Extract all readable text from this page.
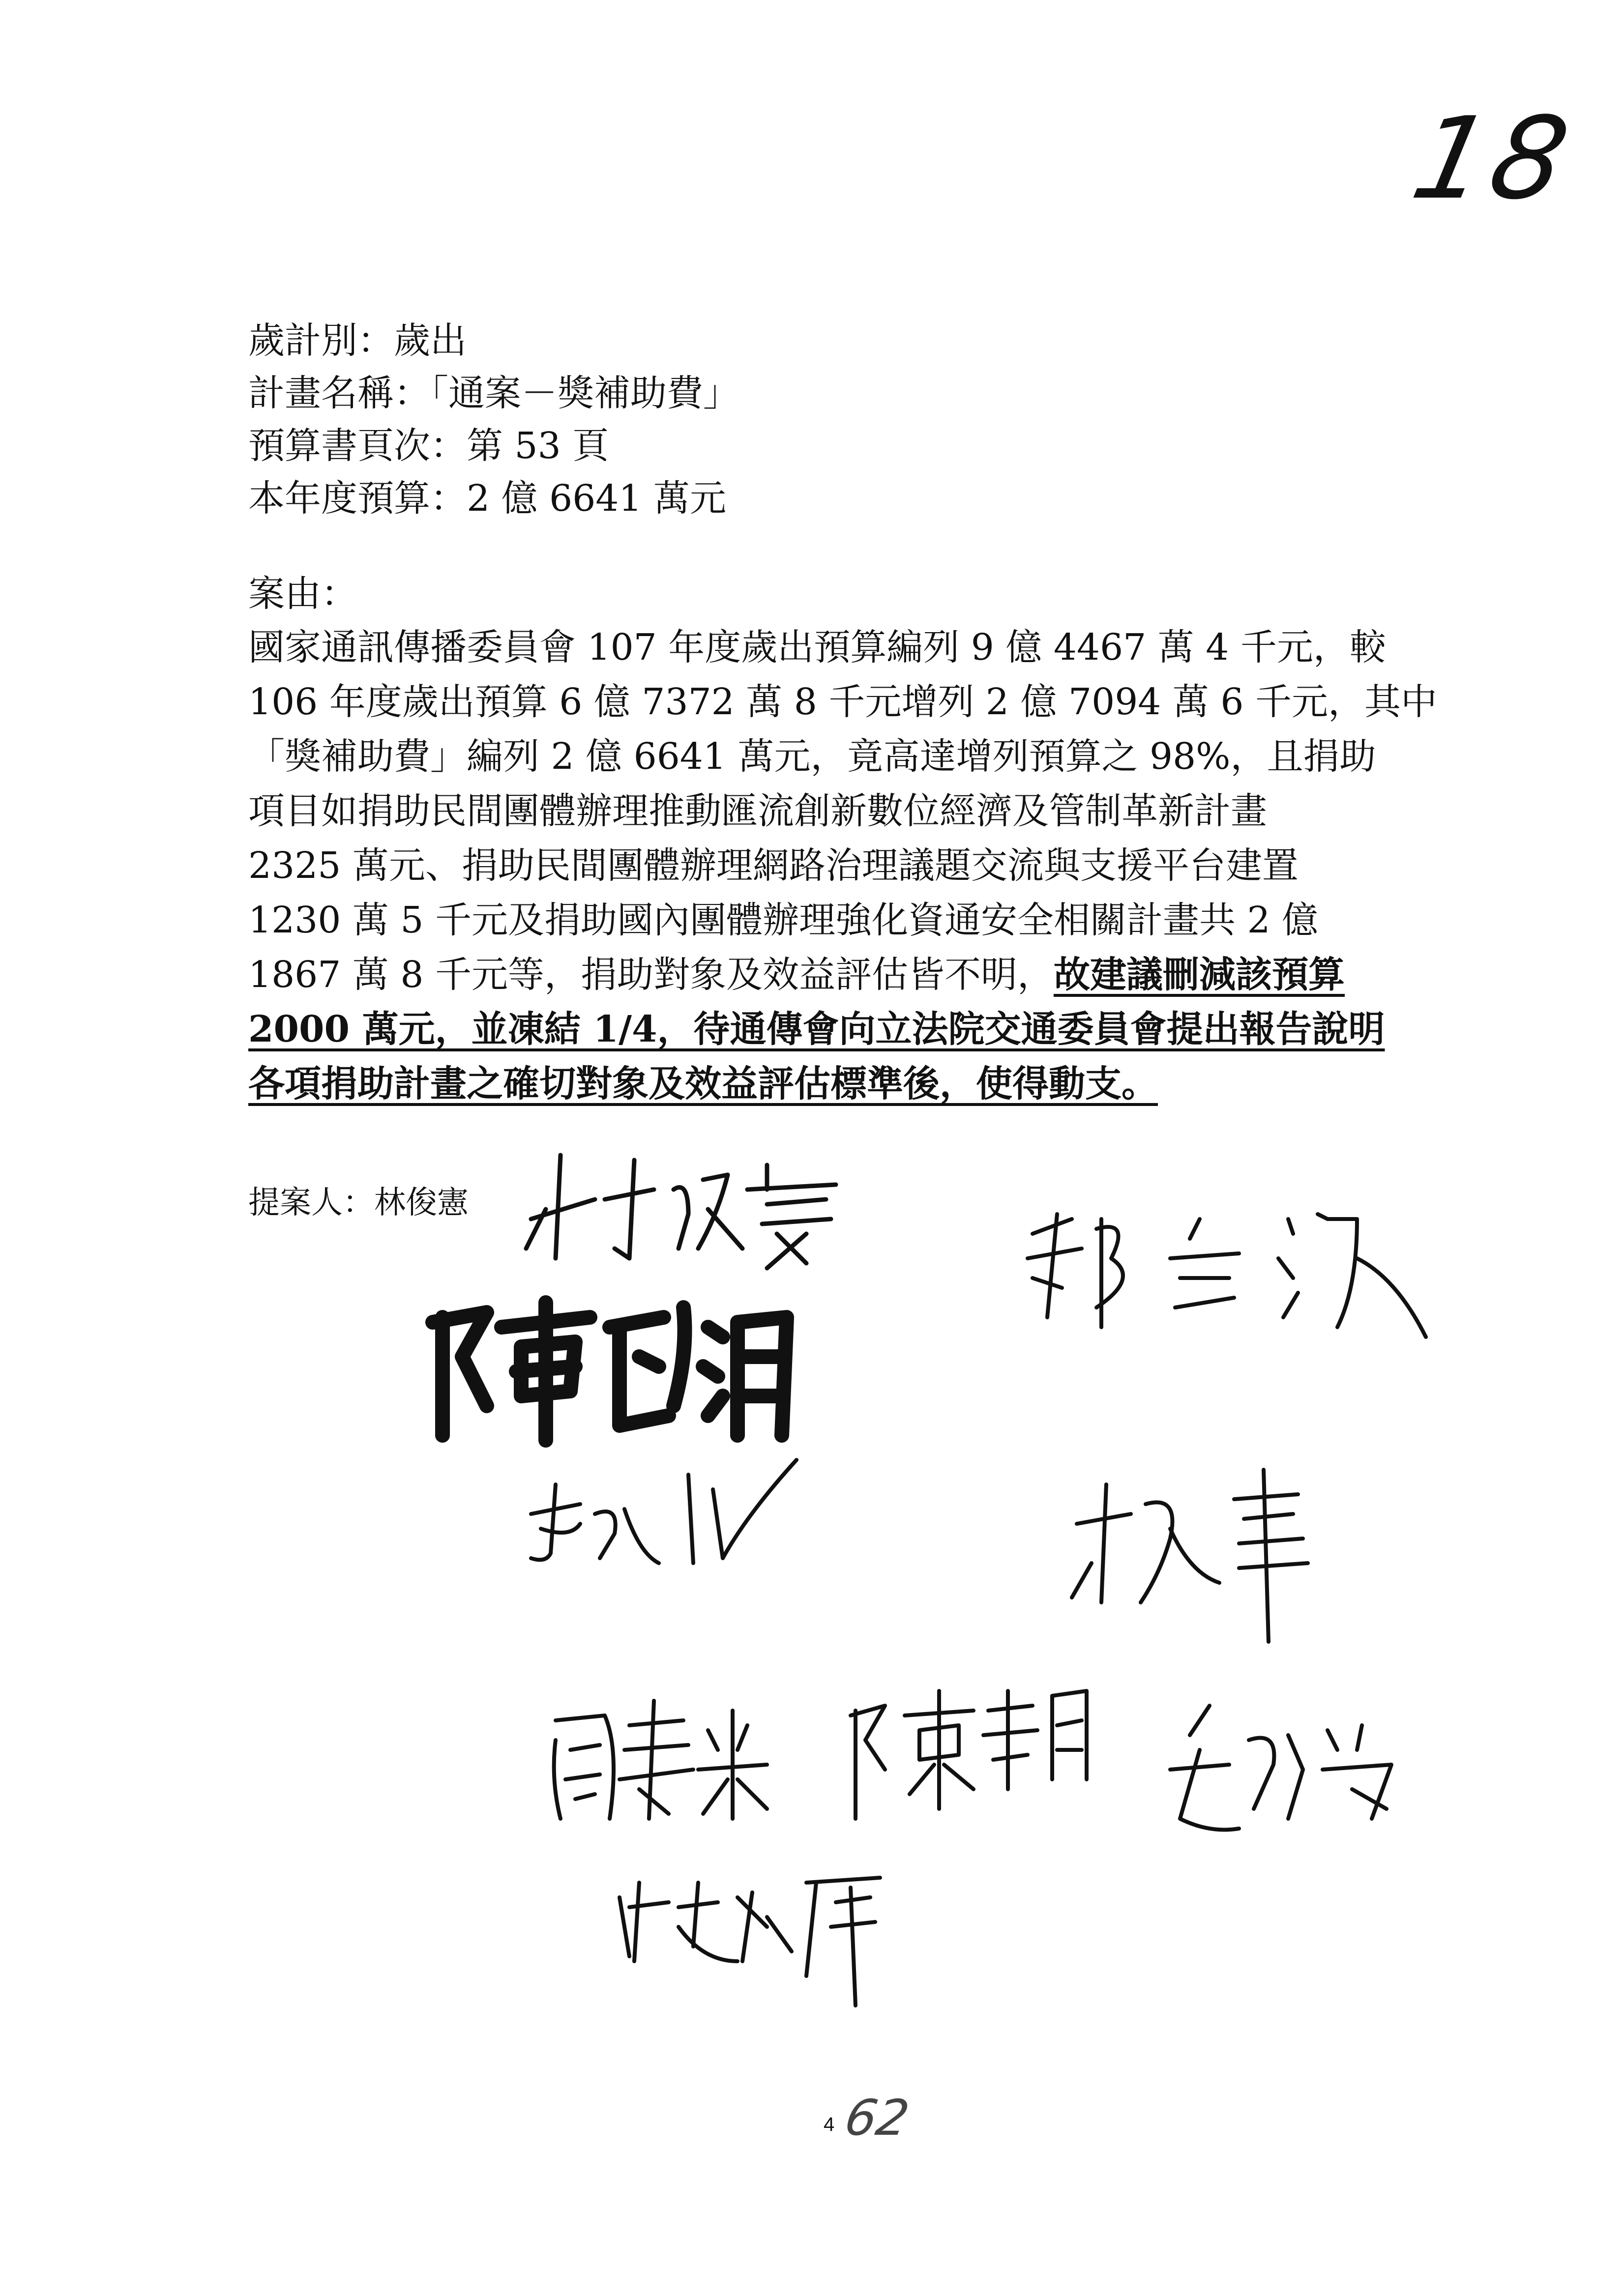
18
歲計別：歲出
計畫名稱：「通案－獎補助費」
預算書頁次：第 53 頁
本年度預算：2 億 6641 萬元
案由：
國家通訊傳播委員會 107 年度歲出預算編列 9 億 4467 萬 4 千元，較
106 年度歲出預算 6 億 7372 萬 8 千元增列 2 億 7094 萬 6 千元，其中
「獎補助費」編列 2 億 6641 萬元，竟高達增列預算之 98%，且捐助
項目如捐助民間團體辦理推動匯流創新數位經濟及管制革新計畫
2325 萬元、捐助民間團體辦理網路治理議題交流與支援平台建置
1230 萬 5 千元及捐助國內團體辦理強化資通安全相關計畫共 2 億
1867 萬 8 千元等，捐助對象及效益評估皆不明，故建議刪減該預算
2000 萬元，並凍結 1/4，待通傳會向立法院交通委員會提出報告說明
各項捐助計畫之確切對象及效益評估標準後，使得動支。
提案人：林俊憲
4 62
